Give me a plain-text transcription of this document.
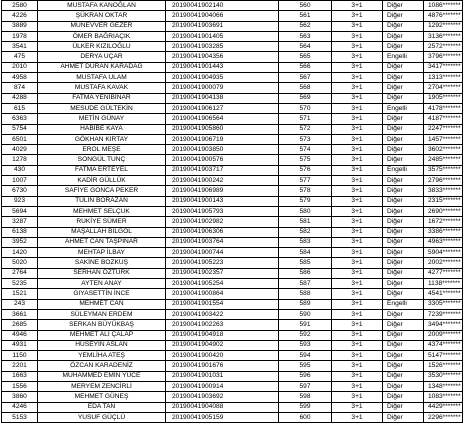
2580	MUSTAFA KANOĞLAN	20190041902140	560	3+1	Diğer	1086*******
4226	ŞÜKRAN OKTAR	20190041904066	561	3+1	Diğer	4876*******
3889	MUNEVVER GEZER	20190041903691	562	3+1	Diğer	1292*******
1978	ÖMER BAĞRIAÇIK	20190041901405	563	3+1	Diğer	3136*******
3541	ÜLKER KIZILOĞLU	20190041903285	564	3+1	Diğer	2572*******
475	DERYA UÇAR	20190041904356	565	3+1	Engelli	3796*******
2010	AHMET DURAN KARADAĞ	20190041901443	566	3+1	Diğer	3417*******
4958	MUSTAFA ULAM	20190041904935	567	3+1	Diğer	1313*******
874	MUSTAFA KAVAK	20190041900079	568	3+1	Diğer	2704*******
4288	FATMA YENİBİNAR	20190041904138	569	3+1	Diğer	1905*******
615	MESUDE GÜLTEKİN	20190041906127	570	3+1	Engelli	4178*******
6363	METİN GÜNAY	20190041906564	571	3+1	Diğer	4187*******
5754	HABİBE KAYA	20190041905860	572	3+1	Diğer	2247*******
6501	GÖKHAN KIRTAY	20190041906719	573	3+1	Diğer	1457*******
4029	EROL MEŞE	20190041903850	574	3+1	Diğer	3602*******
1278	SONGÜL TUNÇ	20190041900576	575	3+1	Diğer	2485*******
430	FATMA ERTEYEL	20190041903717	576	3+1	Engelli	3575*******
1007	KADİR GÜLLÜK	20190041900242	577	3+1	Diğer	2796*******
6730	SAFİYE GONCA PEKER	20190041906989	578	3+1	Diğer	3833*******
923	TÜLİN BORAZAN	20190041900143	579	3+1	Diğer	2315*******
5694	MEHMET SELÇUK	20190041905793	580	3+1	Diğer	2690*******
3287	RUKİYE SÜMER	20190041902982	581	3+1	Diğer	1672*******
6138	MAŞALLAH BİLGÖL	20190041906306	582	3+1	Diğer	3386*******
3952	AHMET CAN TAŞPINAR	20190041903764	583	3+1	Diğer	4963*******
1420	MEHTAP İLBAY	20190041900744	584	3+1	Diğer	5904*******
5020	SAKİNE BOZKUŞ	20190041905223	585	3+1	Diğer	2002*******
2764	SERHAN ÖZTÜRK	20190041902357	586	3+1	Diğer	4277*******
5235	AYTEN ANAY	20190041905254	587	3+1	Diğer	1138*******
1521	GIYASETTİN İNCE	20190041900864	588	3+1	Diğer	4541*******
243	MEHMET CAN	20190041901554	589	3+1	Engelli	3305*******
3661	SÜLEYMAN ERDEM	20190041903422	590	3+1	Diğer	7239*******
2685	SERKAN BÜYÜKBAŞ	20190041902263	591	3+1	Diğer	3494*******
4946	MEHMET ALİ ÇALAP	20190041904918	592	3+1	Diğer	2009*******
4931	HÜSEYİN ASLAN	20190041904902	593	3+1	Diğer	4374*******
1150	YEMLİHA ATEŞ	20190041900420	594	3+1	Diğer	5147*******
2201	ÖZCAN KARADENİZ	20190041901676	595	3+1	Diğer	1526*******
1663	MUHAMMED EMİN YÜCE	20190041901031	596	3+1	Diğer	3530*******
1556	MERYEM ZENCİRLİ	20190041900914	597	3+1	Diğer	1348*******
3860	MEHMET GÜNEŞ	20190041903692	598	3+1	Diğer	1083*******
4246	EDA TAN	20190041904088	599	3+1	Diğer	4429*******
5153	YUSUF GÜÇLÜ	20190041905159	600	3+1	Diğer	2296*******
